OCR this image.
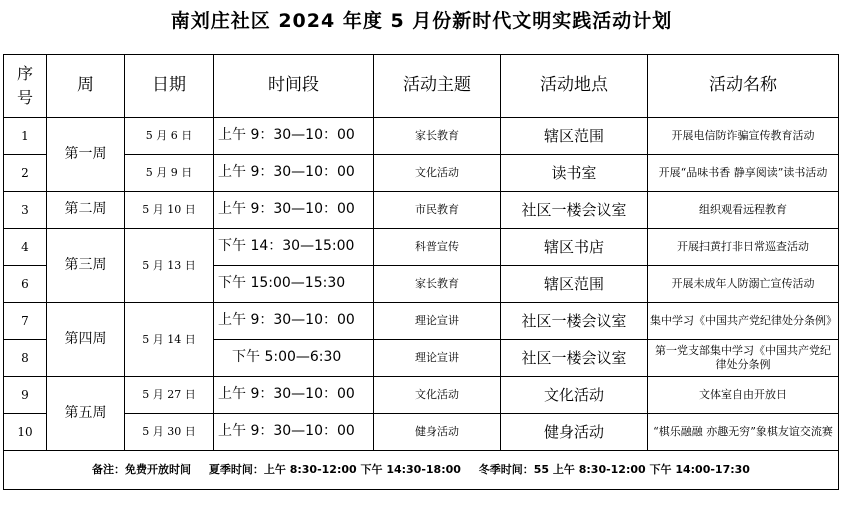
南刘庄社区 2024 年度 5 月份新时代文明实践活动计划
序号	周	日期	时间段	活动主题	活动地点	活动名称
1	第一周	5 月 6 日	上午 9：30—10：00	家长教育	辖区范围	开展电信防诈骗宣传教育活动
2		5 月 9 日	上午 9：30—10：00	文化活动	读书室	开展“品味书香 静享阅读”读书活动
3	第二周	5 月 10 日	上午 9：30—10：00	市民教育	社区一楼会议室	组织观看远程教育
4	第三周	5 月 13 日	下午 14：30—15:00	科普宣传	辖区书店	开展扫黄打非日常巡查活动
6			下午 15:00—15:30	家长教育	辖区范围	开展未成年人防溺亡宣传活动
7	第四周	5 月 14 日	上午 9：30—10：00	理论宣讲	社区一楼会议室	集中学习《中国共产党纪律处分条例》
8			下午 5:00—6:30	理论宣讲	社区一楼会议室	第一党支部集中学习《中国共产党纪律处分条例
9	第五周	5 月 27 日	上午 9：30—10：00	文化活动	文化活动	文体室自由开放日
10		5 月 30 日	上午 9：30—10：00	健身活动	健身活动	“棋乐融融 亦趣无穷”象棋友谊交流赛
备注：免费开放时间 夏季时间：上午 8:30-12:00 下午 14:30-18:00 冬季时间：55 上午 8:30-12:00 下午 14:00-17:30						
